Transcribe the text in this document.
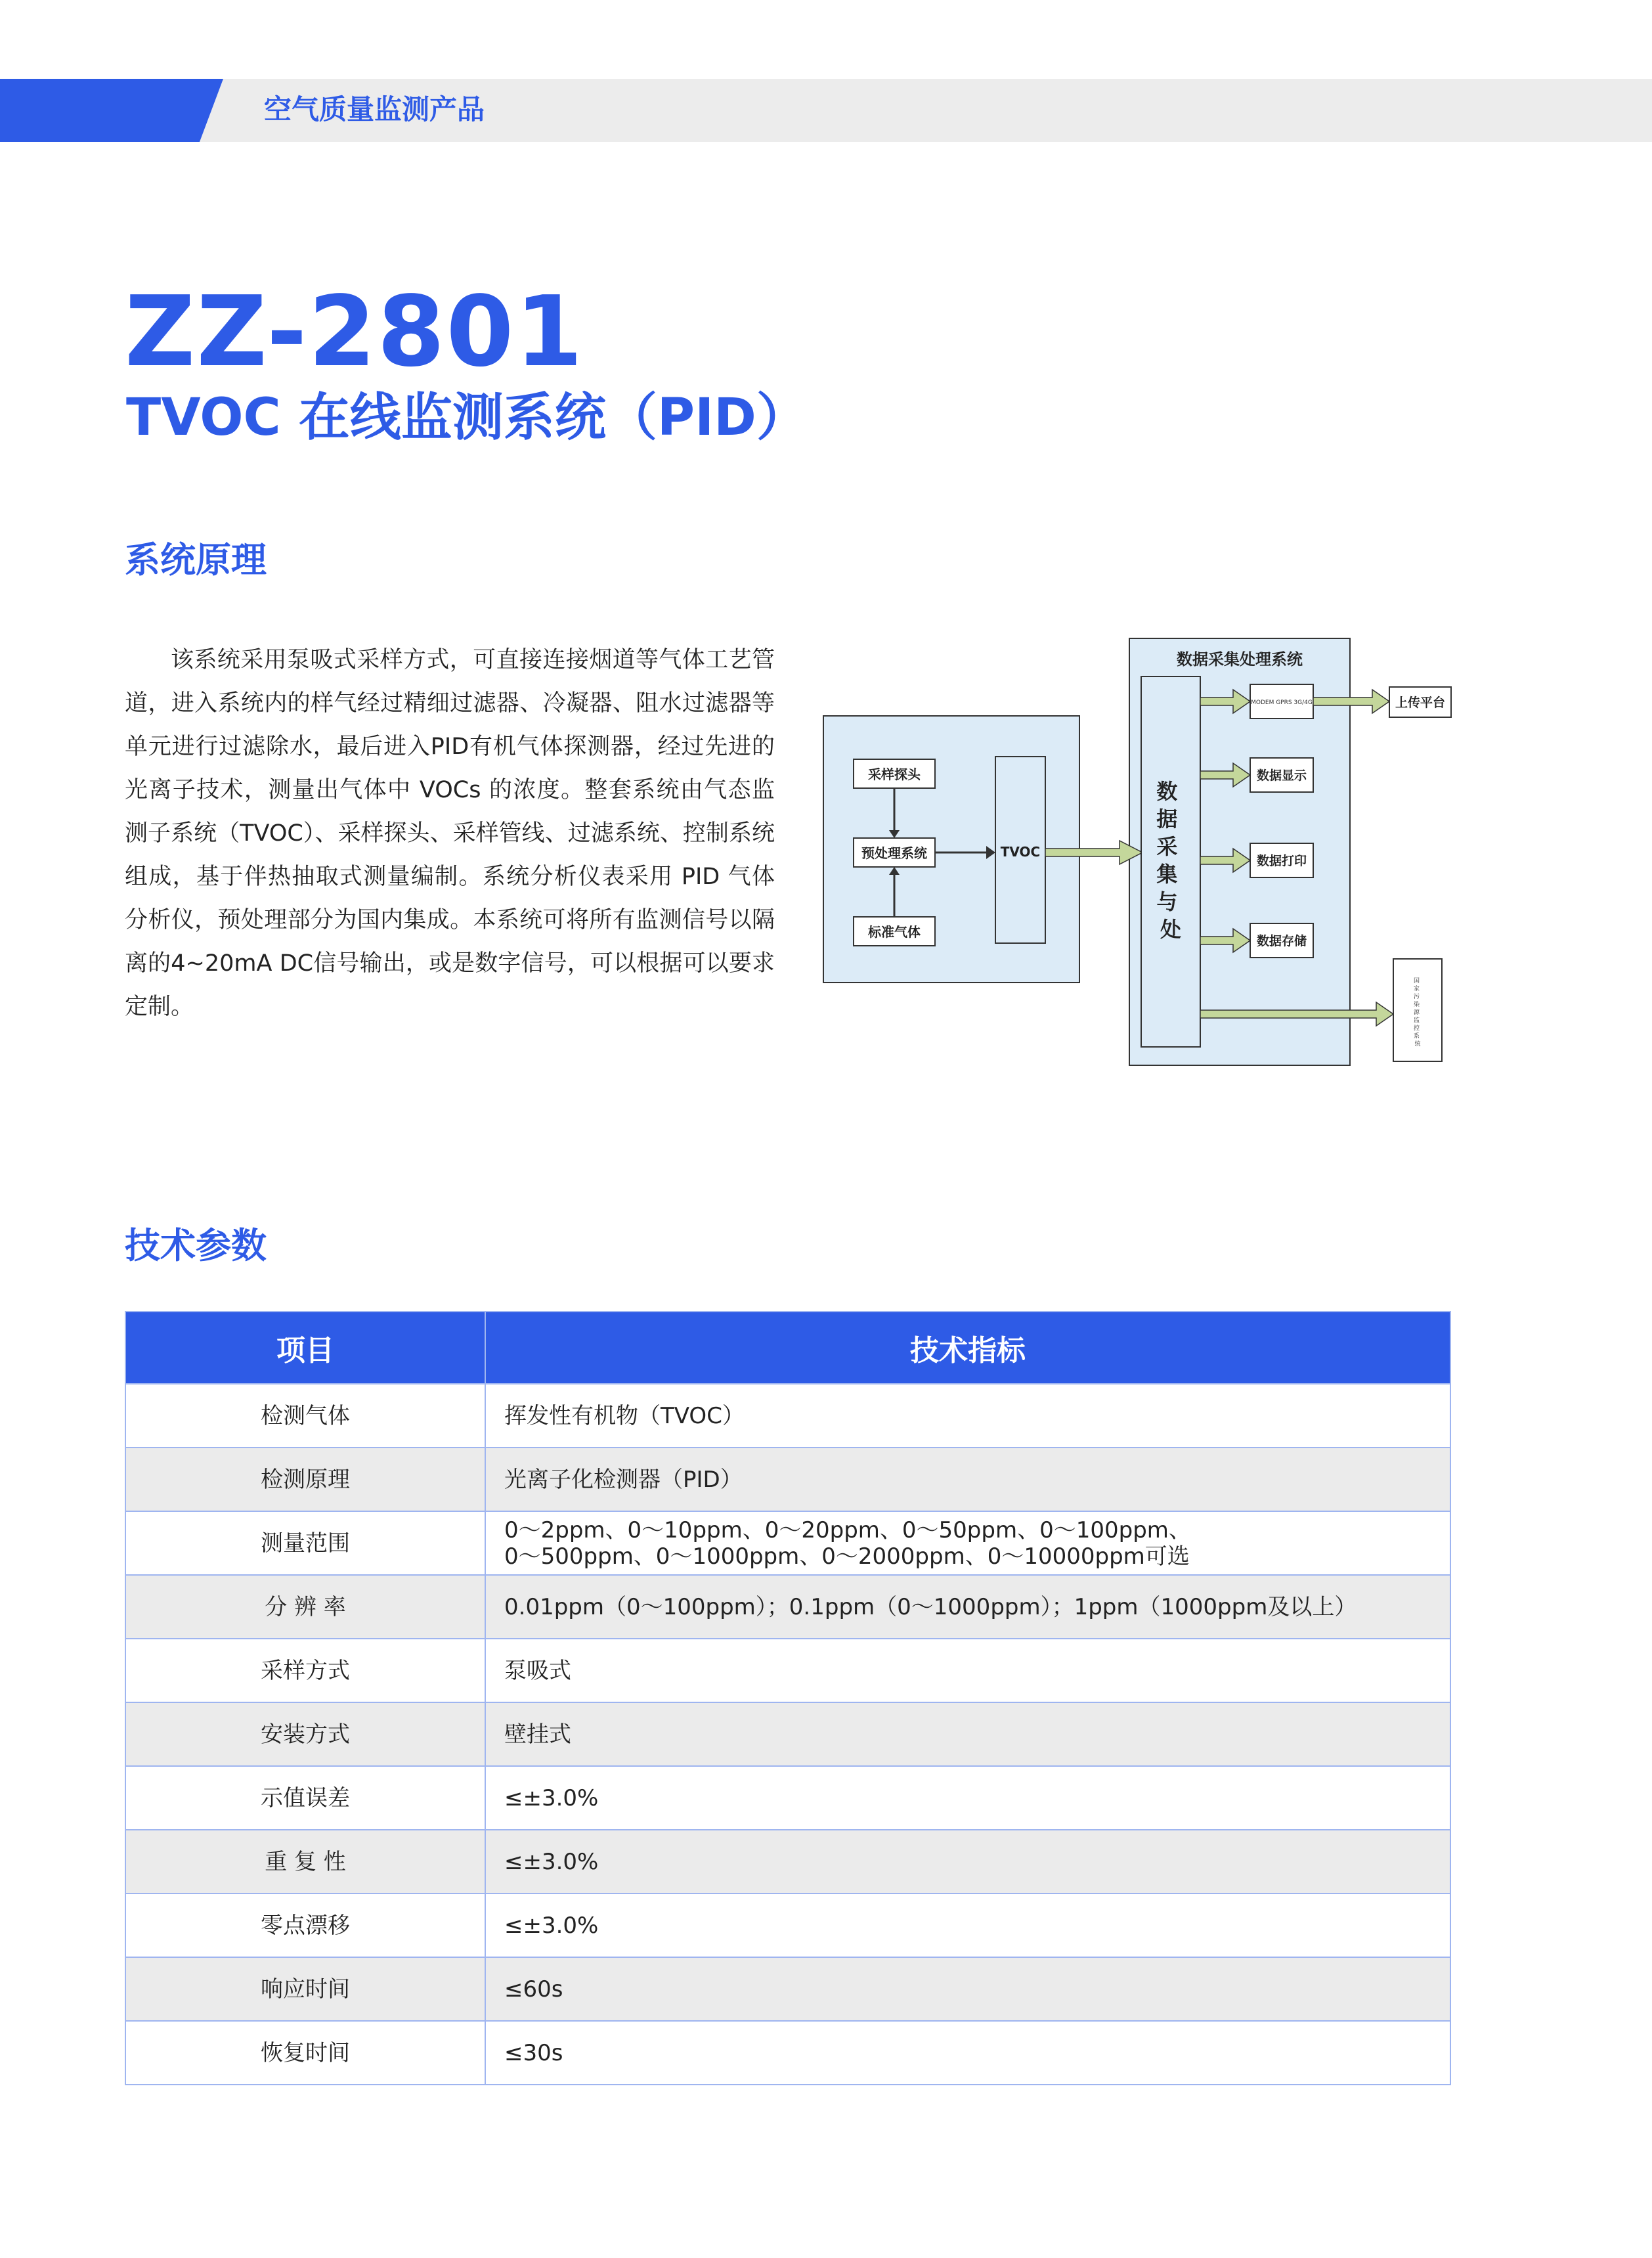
空气质量监测产品
ZZ-2801
TVOC 在线监测系统（PID）
系统原理
该系统采用泵吸式采样方式，可直接连接烟道等气体工艺管道，进入系统内的样气经过精细过滤器、冷凝器、阻水过滤器等单元进行过滤除水，最后进入PID有机气体探测器，经过先进的光离子技术，测量出气体中 VOCs 的浓度。整套系统由气态监测子系统（TVOC）、采样探头、采样管线、过滤系统、控制系统组成，基于伴热抽取式测量编制。系统分析仪表采用 PID 气体分析仪，预处理部分为国内集成。本系统可将所有监测信号以隔离的4~20mA DC信号输出，或是数字信号，可以根据可以要求定制。
数据采集处理系统
采样探头
预处理系统
标准气体
TVOC
数 据 采 集 与 处
MODEM GPRS 3G/4G
数据显示
数据打印
数据存储
上传平台
国 家 污 染 源 监 控 系 统
技术参数
项目	技术指标
检测气体	挥发性有机物（TVOC）
检测原理	光离子化检测器（PID）
测量范围	0～2ppm、0～10ppm、0～20ppm、0～50ppm、0～100ppm、
0～500ppm、0～1000ppm、0～2000ppm、0～10000ppm可选
分 辨 率	0.01ppm（0～100ppm）；0.1ppm（0～1000ppm）；1ppm（1000ppm及以上）
采样方式	泵吸式
安装方式	壁挂式
示值误差	≤±3.0%
重 复 性	≤±3.0%
零点漂移	≤±3.0%
响应时间	≤60s
恢复时间	≤30s
